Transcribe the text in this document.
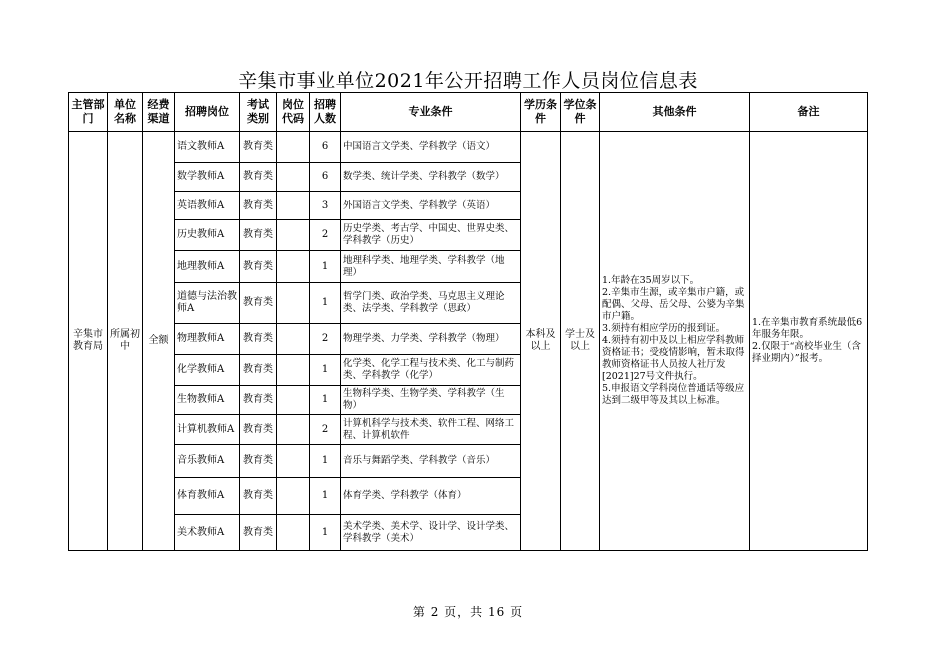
辛集市事业单位2021年公开招聘工作人员岗位信息表
主管部门	单位名称	经费渠道	招聘岗位	考试类别	岗位代码	招聘人数	专业条件	学历条件	学位条件	其他条件	备注
辛集市教育局	所属初中	全额	语文教师A	教育类		6	中国语言文学类、学科教学（语文）	本科及以上	学士及以上	1.年龄在35周岁以下。
2.辛集市生源，或辛集市户籍，或配偶、父母、岳父母、公婆为辛集市户籍。
3.须持有相应学历的报到证。
4.须持有初中及以上相应学科教师资格证书；受疫情影响，暂未取得教师资格证书人员按人社厅发[2021]27号文件执行。
5.申报语文学科岗位普通话等级应达到二级甲等及其以上标准。	1.在辛集市教育系统最低6年服务年限。
2.仅限于“高校毕业生（含择业期内）”报考。
			数学教师A	教育类		6	数学类、统计学类、学科教学（数学）				
			英语教师A	教育类		3	外国语言文学类、学科教学（英语）				
			历史教师A	教育类		2	历史学类、考古学、中国史、世界史类、学科教学（历史）				
			地理教师A	教育类		1	地理科学类、地理学类、学科教学（地理）				
			道德与法治教师A	教育类		1	哲学门类、政治学类、马克思主义理论类、法学类、学科教学（思政）				
			物理教师A	教育类		2	物理学类、力学类、学科教学（物理）				
			化学教师A	教育类		1	化学类、化学工程与技术类、化工与制药类、学科教学（化学）				
			生物教师A	教育类		1	生物科学类、生物学类、学科教学（生物）				
			计算机教师A	教育类		2	计算机科学与技术类、软件工程、网络工程、计算机软件				
			音乐教师A	教育类		1	音乐与舞蹈学类、学科教学（音乐）				
			体育教师A	教育类		1	体育学类、学科教学（体育）				
			美术教师A	教育类		1	美术学类、美术学、设计学、设计学类、学科教学（美术）				
第 2 页，共 16 页
